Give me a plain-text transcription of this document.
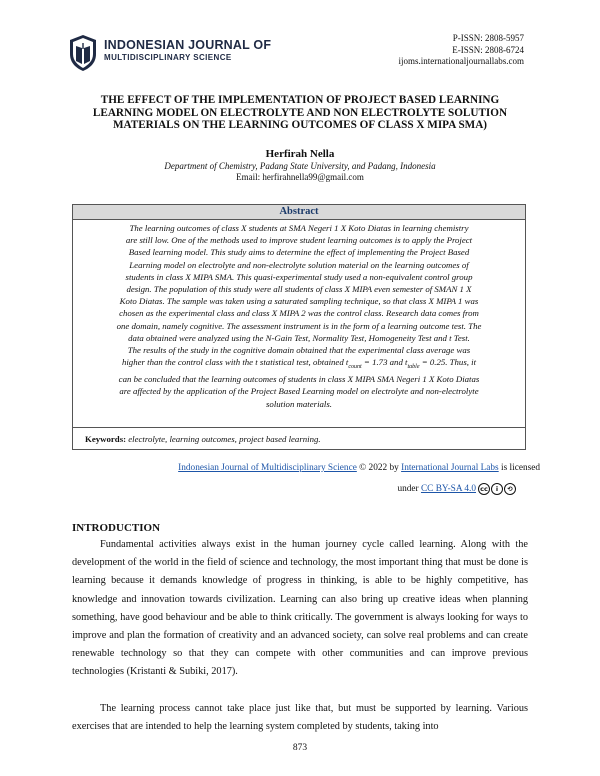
INDONESIAN JOURNAL OF
MULTIDISCIPLINARY SCIENCE
P-ISSN: 2808-5957
E-ISSN: 2808-6724
ijoms.internationaljournallabs.com
THE EFFECT OF THE IMPLEMENTATION OF PROJECT BASED LEARNING
LEARNING MODEL ON ELECTROLYTE AND NON ELECTROLYTE SOLUTION
MATERIALS ON THE LEARNING OUTCOMES OF CLASS X MIPA SMA)
Herfirah Nella
Department of Chemistry, Padang State University, and Padang, Indonesia
Email: herfirahnella99@gmail.com
Abstract

The learning outcomes of class X students at SMA Negeri 1 X Koto Diatas in learning chemistry

are still low. One of the methods used to improve student learning outcomes is to apply the Project

Based learning model. This study aims to determine the effect of implementing the Project Based

Learning model on electrolyte and non-electrolyte solution material on the learning outcomes of

students in class X MIPA SMA. This quasi-experimental study used a non-equivalent control group

design. The population of this study were all students of class X MIPA even semester of SMAN 1 X

Koto Diatas. The sample was taken using a saturated sampling technique, so that class X MIPA 1 was

chosen as the experimental class and class X MIPA 2 was the control class. Research data comes from

one domain, namely cognitive. The assessment instrument is in the form of a learning outcome test. The

data obtained were analyzed using the N-Gain Test, Normality Test, Homogeneity Test and t Test.

The results of the study in the cognitive domain obtained that the experimental class average was

higher than the control class with the t statistical test, obtained $t_{count} = 1.73$ and $t_{table} = 0.25$. Thus, it

can be concluded that the learning outcomes of students in class X MIPA SMA Negeri 1 X Koto Diatas

are affected by the application of the Project Based Learning model on electrolyte and non-electrolyte

solution materials.

Keywords: electrolyte, learning outcomes, project based learning.
Indonesian Journal of Multidisciplinary Science © 2022 by International Journal Labs is licensed
under CC BY-SA 4.0 cc	i	⟲
INTRODUCTION

Fundamental activities always exist in the human journey cycle called learning. Along with the development of the world in the field of science and technology, the most important thing that must be done is learning because it demands knowledge of progress in thinking, is able to be highly competitive, has knowledge and innovation towards civilization. Learning can also bring up creative ideas when planning something, have good behaviour and be able to think critically. The government is always looking for ways to improve and plan the formation of creativity and an advanced society, can solve real problems and can create renewable technology so that they can compete with other communities and can improve previous technologies (Kristanti & Subiki, 2017).

The learning process cannot take place just like that, but must be supported by learning. Various exercises that are intended to help the learning system completed by students, taking into

873
